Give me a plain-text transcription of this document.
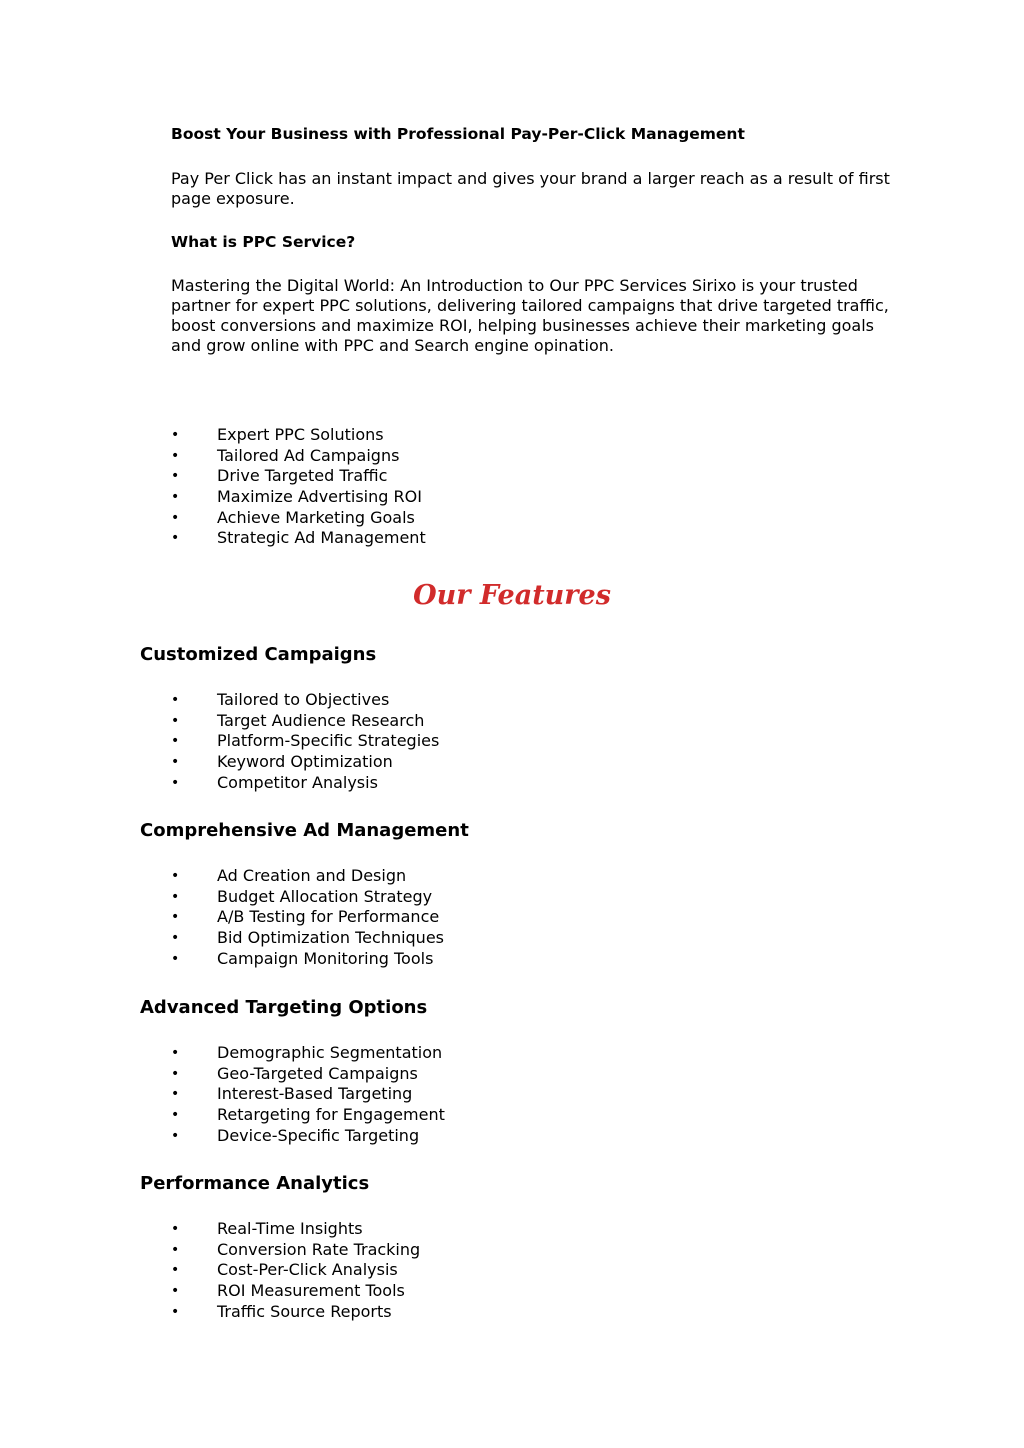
Boost Your Business with Professional Pay-Per-Click Management

Pay Per Click has an instant impact and gives your brand a larger reach as a result of first page exposure.

What is PPC Service?

Mastering the Digital World: An Introduction to Our PPC Services Sirixo is your trusted partner for expert PPC solutions, delivering tailored campaigns that drive targeted traffic, boost conversions and maximize ROI, helping businesses achieve their marketing goals and grow online with PPC and Search engine opination.

• Expert PPC Solutions
• Tailored Ad Campaigns
• Drive Targeted Traffic
• Maximize Advertising ROI
• Achieve Marketing Goals
• Strategic Ad Management
Our Features
Customized Campaigns
• Tailored to Objectives
• Target Audience Research
• Platform-Specific Strategies
• Keyword Optimization
• Competitor Analysis
Comprehensive Ad Management
• Ad Creation and Design
• Budget Allocation Strategy
• A/B Testing for Performance
• Bid Optimization Techniques
• Campaign Monitoring Tools
Advanced Targeting Options
• Demographic Segmentation
• Geo-Targeted Campaigns
• Interest-Based Targeting
• Retargeting for Engagement
• Device-Specific Targeting
Performance Analytics
• Real-Time Insights
• Conversion Rate Tracking
• Cost-Per-Click Analysis
• ROI Measurement Tools
• Traffic Source Reports
